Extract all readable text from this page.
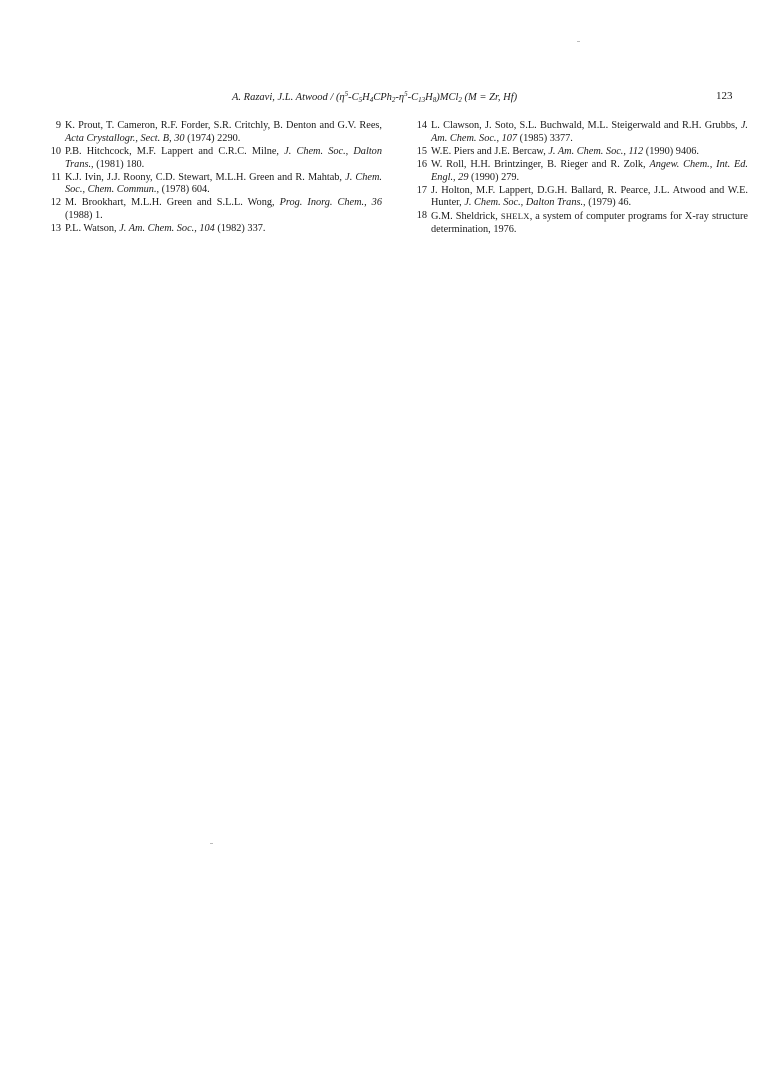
A. Razavi, J.L. Atwood / $(\eta^5-C_5H_4CPh_2-\eta^5-C_{13}H_8)MCl_2$ (M = Zr, Hf)	123
9 K. Prout, T. Cameron, R.F. Forder, S.R. Critchly, B. Denton and G.V. Rees, Acta Crystallogr., Sect. B, 30 (1974) 2290.
10 P.B. Hitchcock, M.F. Lappert and C.R.C. Milne, J. Chem. Soc., Dalton Trans., (1981) 180.
11 K.J. Ivin, J.J. Roony, C.D. Stewart, M.L.H. Green and R. Mahtab, J. Chem. Soc., Chem. Commun., (1978) 604.
12 M. Brookhart, M.L.H. Green and S.L.L. Wong, Prog. Inorg. Chem., 36 (1988) 1.
13 P.L. Watson, J. Am. Chem. Soc., 104 (1982) 337.
14 L. Clawson, J. Soto, S.L. Buchwald, M.L. Steigerwald and R.H. Grubbs, J. Am. Chem. Soc., 107 (1985) 3377.
15 W.E. Piers and J.E. Bercaw, J. Am. Chem. Soc., 112 (1990) 9406.
16 W. Roll, H.H. Brintzinger, B. Rieger and R. Zolk, Angew. Chem., Int. Ed. Engl., 29 (1990) 279.
17 J. Holton, M.F. Lappert, D.G.H. Ballard, R. Pearce, J.L. Atwood and W.E. Hunter, J. Chem. Soc., Dalton Trans., (1979) 46.
18 G.M. Sheldrick, SHELX, a system of computer programs for X-ray structure determination, 1976.
